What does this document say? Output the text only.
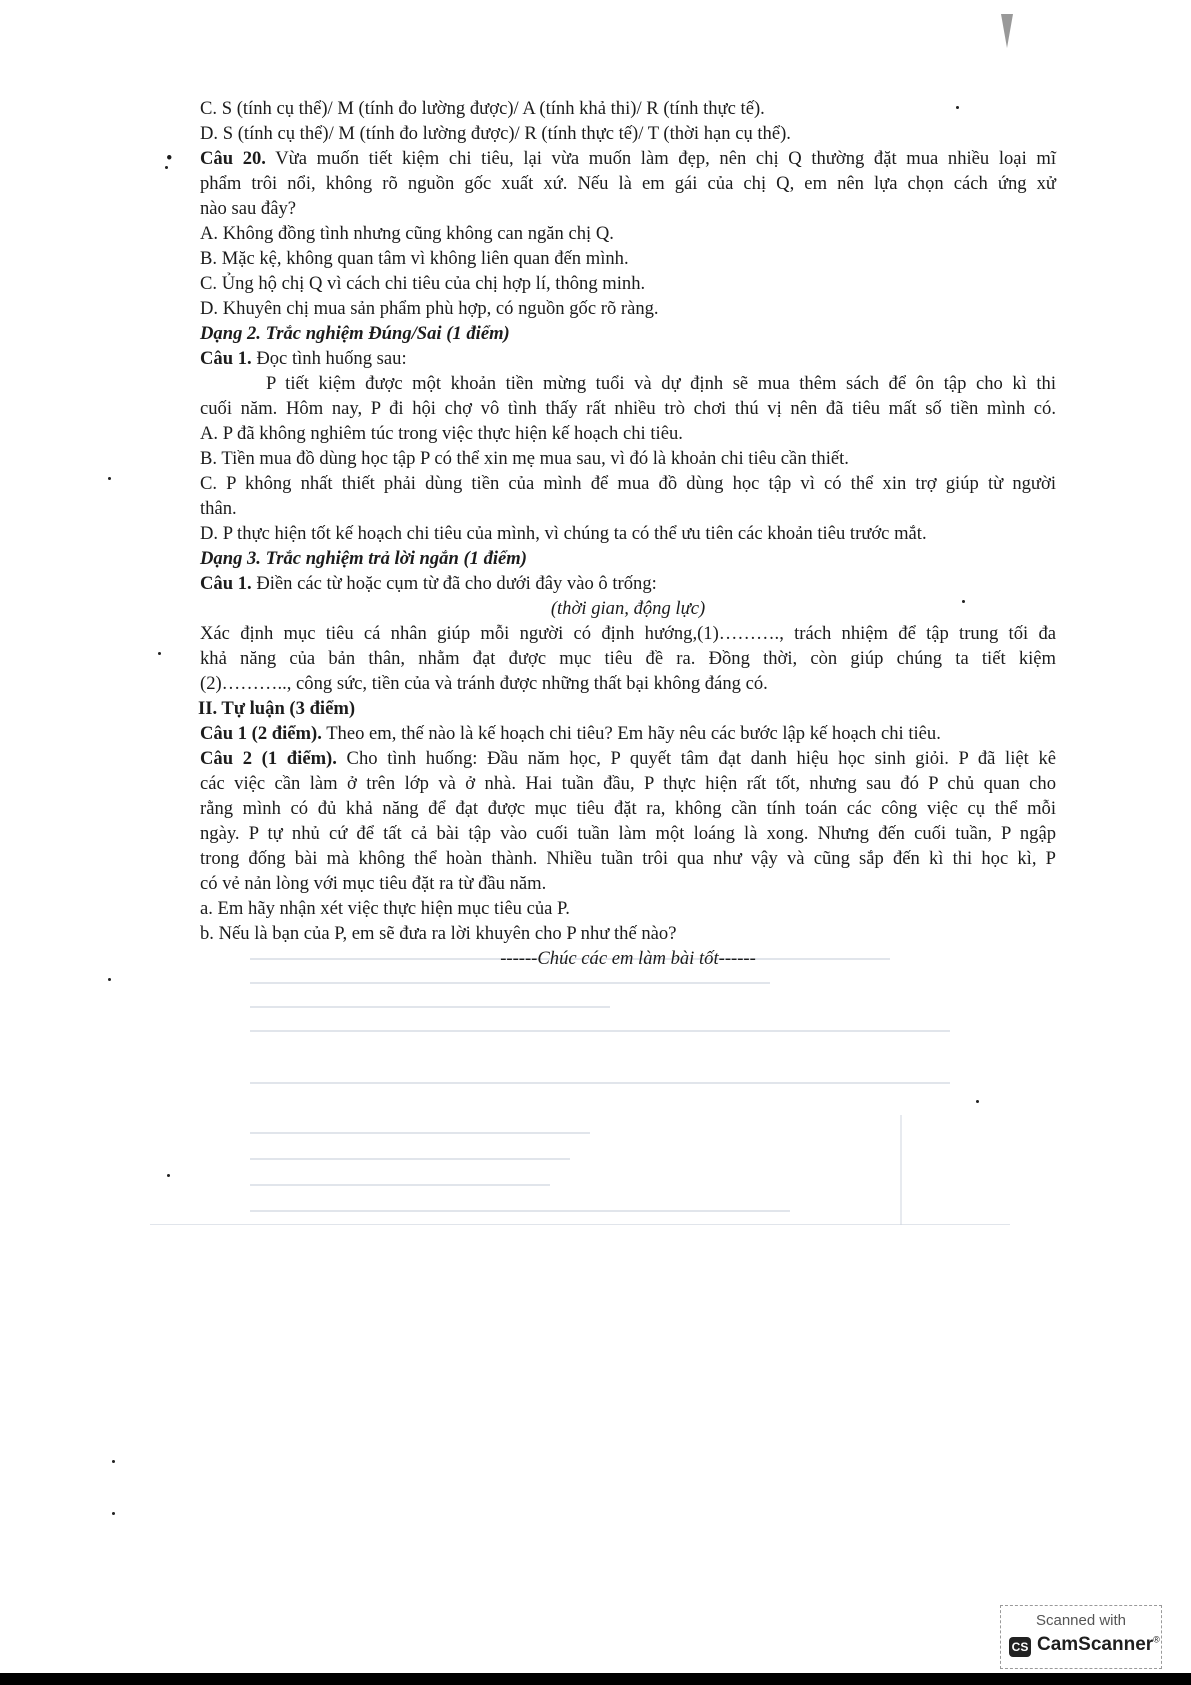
C. S (tính cụ thể)/ M (tính đo lường được)/ A (tính khả thi)/ R (tính thực tế).
D. S (tính cụ thể)/ M (tính đo lường được)/ R (tính thực tế)/ T (thời hạn cụ thể).
• Câu 20. Vừa muốn tiết kiệm chi tiêu, lại vừa muốn làm đẹp, nên chị Q thường đặt mua nhiều loại mĩ
phẩm trôi nổi, không rõ nguồn gốc xuất xứ. Nếu là em gái của chị Q, em nên lựa chọn cách ứng xử
nào sau đây?
A. Không đồng tình nhưng cũng không can ngăn chị Q.
B. Mặc kệ, không quan tâm vì không liên quan đến mình.
C. Ủng hộ chị Q vì cách chi tiêu của chị hợp lí, thông minh.
D. Khuyên chị mua sản phẩm phù hợp, có nguồn gốc rõ ràng.
Dạng 2. Trắc nghiệm Đúng/Sai (1 điểm)
Câu 1. Đọc tình huống sau:
P tiết kiệm được một khoản tiền mừng tuổi và dự định sẽ mua thêm sách để ôn tập cho kì thi
cuối năm. Hôm nay, P đi hội chợ vô tình thấy rất nhiều trò chơi thú vị nên đã tiêu mất số tiền mình có.
A. P đã không nghiêm túc trong việc thực hiện kế hoạch chi tiêu.
B. Tiền mua đồ dùng học tập P có thể xin mẹ mua sau, vì đó là khoản chi tiêu cần thiết.
C. P không nhất thiết phải dùng tiền của mình để mua đồ dùng học tập vì có thể xin trợ giúp từ người
thân.
D. P thực hiện tốt kế hoạch chi tiêu của mình, vì chúng ta có thể ưu tiên các khoản tiêu trước mắt.
Dạng 3. Trắc nghiệm trả lời ngắn (1 điểm)
Câu 1. Điền các từ hoặc cụm từ đã cho dưới đây vào ô trống:
(thời gian, động lực)
Xác định mục tiêu cá nhân giúp mỗi người có định hướng,(1)………., trách nhiệm để tập trung tối đa
khả năng của bản thân, nhằm đạt được mục tiêu đề ra. Đồng thời, còn giúp chúng ta tiết kiệm
(2)……….., công sức, tiền của và tránh được những thất bại không đáng có.
II. Tự luận (3 điểm)
Câu 1 (2 điểm). Theo em, thế nào là kế hoạch chi tiêu? Em hãy nêu các bước lập kế hoạch chi tiêu.
Câu 2 (1 điểm). Cho tình huống: Đầu năm học, P quyết tâm đạt danh hiệu học sinh giỏi. P đã liệt kê
các việc cần làm ở trên lớp và ở nhà. Hai tuần đầu, P thực hiện rất tốt, nhưng sau đó P chủ quan cho
rằng mình có đủ khả năng để đạt được mục tiêu đặt ra, không cần tính toán các công việc cụ thể mỗi
ngày. P tự nhủ cứ để tất cả bài tập vào cuối tuần làm một loáng là xong. Nhưng đến cuối tuần, P ngập
trong đống bài mà không thể hoàn thành. Nhiều tuần trôi qua như vậy và cũng sắp đến kì thi học kì, P
có vẻ nản lòng với mục tiêu đặt ra từ đầu năm.
a. Em hãy nhận xét việc thực hiện mục tiêu của P.
b. Nếu là bạn của P, em sẽ đưa ra lời khuyên cho P như thế nào?
------Chúc các em làm bài tốt------
Scanned with
CS CamScanner®
